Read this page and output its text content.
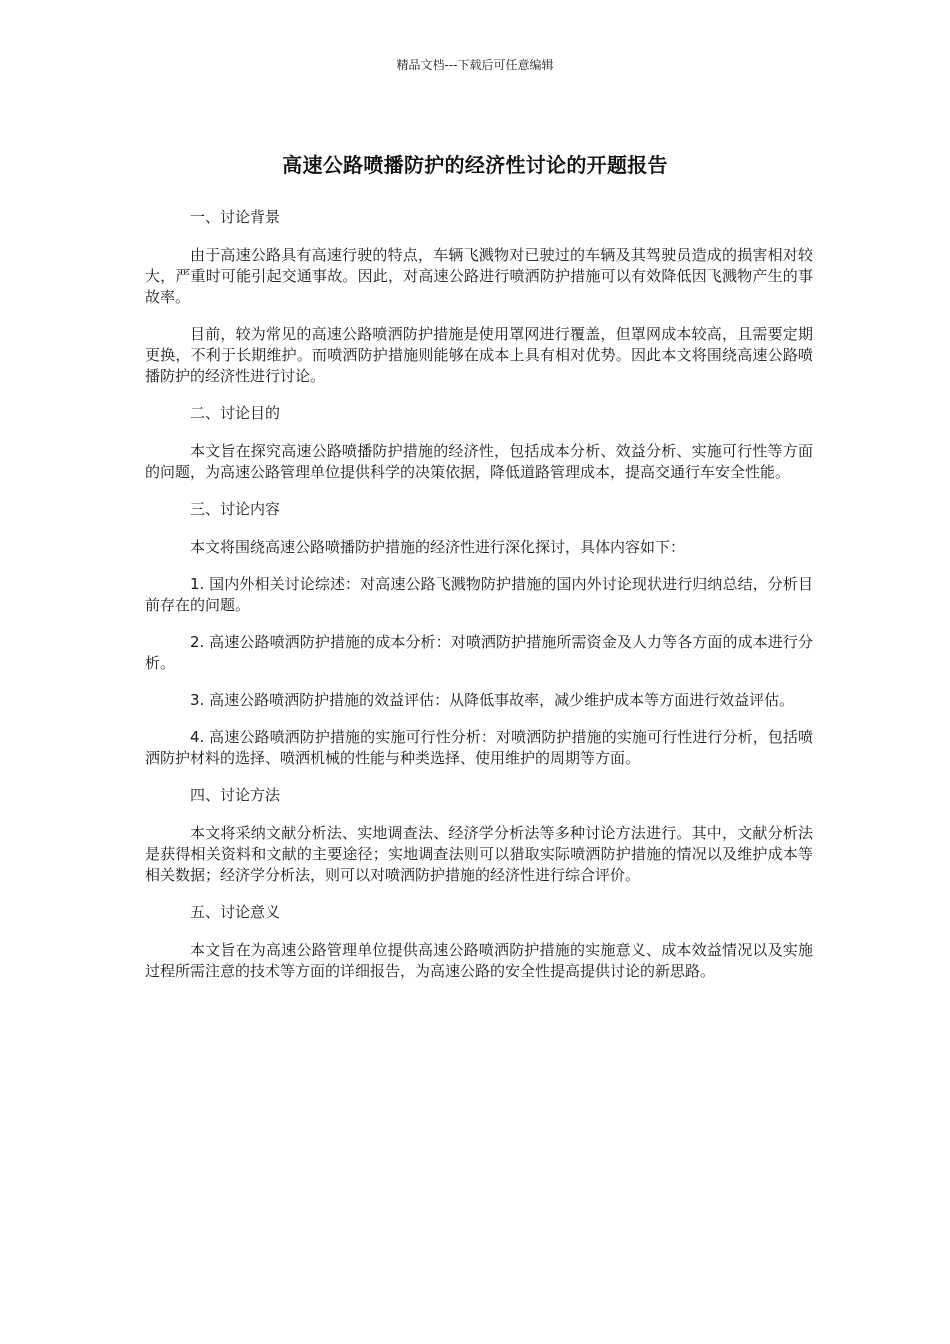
精品文档---下载后可任意编辑
高速公路喷播防护的经济性讨论的开题报告

一、讨论背景

由于高速公路具有高速行驶的特点，车辆飞溅物对已驶过的车辆及其驾驶员造成的损害相对较大，严重时可能引起交通事故。因此，对高速公路进行喷洒防护措施可以有效降低因飞溅物产生的事故率。

目前，较为常见的高速公路喷洒防护措施是使用罩网进行覆盖，但罩网成本较高，且需要定期更换，不利于长期维护。而喷洒防护措施则能够在成本上具有相对优势。因此本文将围绕高速公路喷播防护的经济性进行讨论。

二、讨论目的

本文旨在探究高速公路喷播防护措施的经济性，包括成本分析、效益分析、实施可行性等方面的问题，为高速公路管理单位提供科学的决策依据，降低道路管理成本，提高交通行车安全性能。

三、讨论内容

本文将围绕高速公路喷播防护措施的经济性进行深化探讨，具体内容如下：

1. 国内外相关讨论综述：对高速公路飞溅物防护措施的国内外讨论现状进行归纳总结，分析目前存在的问题。

2. 高速公路喷洒防护措施的成本分析：对喷洒防护措施所需资金及人力等各方面的成本进行分析。

3. 高速公路喷洒防护措施的效益评估：从降低事故率，减少维护成本等方面进行效益评估。

4. 高速公路喷洒防护措施的实施可行性分析：对喷洒防护措施的实施可行性进行分析，包括喷洒防护材料的选择、喷洒机械的性能与种类选择、使用维护的周期等方面。

四、讨论方法

本文将采纳文献分析法、实地调查法、经济学分析法等多种讨论方法进行。其中，文献分析法是获得相关资料和文献的主要途径；实地调查法则可以猎取实际喷洒防护措施的情况以及维护成本等相关数据；经济学分析法，则可以对喷洒防护措施的经济性进行综合评价。

五、讨论意义

本文旨在为高速公路管理单位提供高速公路喷洒防护措施的实施意义、成本效益情况以及实施过程所需注意的技术等方面的详细报告，为高速公路的安全性提高提供讨论的新思路。
